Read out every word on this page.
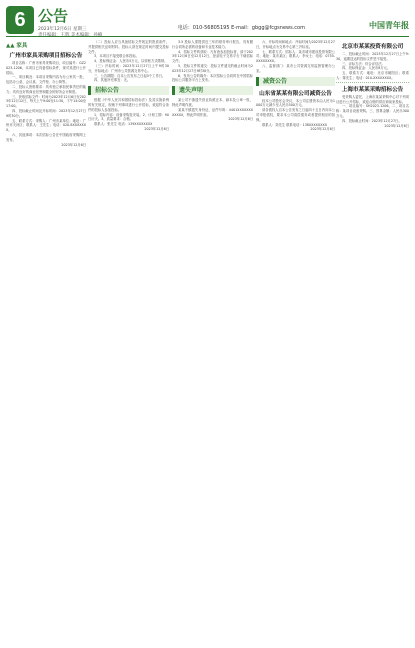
6 公告
2023年12月6日 星期三	电话：010-56805195 E-mail：gbgg@fcgsnews.com	中国青年报
▲▲ 家具
广州市家具采购项目招标公告
项目名称：广州市家具采购项目，项目编号：GZ2023-1206，本项目已具备招标条件，现对其进行公开招标。
一、项目概况：本项目采购内容为办公家具一批，包括办公桌、会议桌、文件柜、办公椅等。
二、投标人资格要求：具有独立承担民事责任的能力；具有良好的商业信誉和健全的财务会计制度。
三、获取招标文件：时间为2023年12月6日至2023年12月12日，每天上午9:00至11:30，下午14:00至17:00。
四、投标截止时间及开标时间：2023年12月27日9时30分。
五、联系方式：采购人：广州市某单位；地址：广州市天河区；联系人：王先生；电话：020-8XXXXXXX。
六、其他事项：本次招标公告在中国政府采购网上发布。
2023年12月6日
（二）投标人应当具备招标文件规定的资质条件，并提供相关证明材料。投标人须在规定时间内提交投标文件。
3、本项目不接受联合体投标。
4、投标保证金：人民币5万元，以转账方式缴纳。
（三）开标时间：2023年12月27日上午9时30分，开标地点：广州市公共资源交易中心。
三、公告期限：自本公告发布之日起5个工作日。
四、其他补充事宜：无。
招标公告
根据《中华人民共和国招标投标法》及其实施条例的有关规定，现就下列事项进行公开招标，欢迎符合条件的投标人参加投标。
1、招标内容：设备采购及安装。2、计划工期：90日历天。3、质量要求：合格。
联系人：张先生 电话：139XXXXXXXX
2023年12月6日
3.5 投标人需提供近三年的财务审计报告，具有履行合同所必需的设备和专业技术能力。
4、招标文件的获取：凡有意参加投标者，请于2023年12月6日至12月12日，登录电子交易平台下载招标文件。
5、投标文件的递交：投标文件递交的截止时间为2023年12月27日9时30分。
6、发布公告的媒介：本次招标公告同时在中国招标投标公共服务平台上发布。
遗失声明
某公司不慎遗失营业执照正本、副本及公章一枚，特此声明作废。
某某不慎遗失身份证，证件号码：4401XXXXXXXXXXXX，特此声明作废。
2023年12月6日
六、开标时间和地点：开标时间为2023年12月27日，开标地点为交易中心第三开标室。
七、联系方式：招标人：某市城市建设投资有限公司；地址：某市某区；联系人：李女士；电话：0755-XXXXXXXX。
八、监督部门：某市公共资源交易监督管理办公室。
减资公告
山东省某某有限公司减资公告
经本公司股东会决议，本公司注册资本由人民币1000万元减少至人民币500万元。
请各债权人自本公告发布之日起四十五日内向本公司申报债权，要求本公司清偿债务或者提供相应的担保。
联系人：刘先生 联系电话：138XXXXXXXX
2023年12月6日
北京市某某投资有限公司
二、投标截止时间：2023年12月27日上午9:30，逾期送达的投标文件恕不接受。
三、评标方法：综合评估法。
四、投标保证金：人民币8万元。
五、联系方式：地址：北京市朝阳区；联系人：陈先生；电话：010-XXXXXXXX。
上海市某某采购招标公告
受采购人委托，上海市某某采购中心对下列项目进行公开招标，欢迎合格的供应商前来投标。
一、项目编号：SH2023-1206。二、项目名称：某项目设备采购。三、预算金额：人民币300万元。
四、投标截止时间：2023年12月27日。
2023年12月6日
